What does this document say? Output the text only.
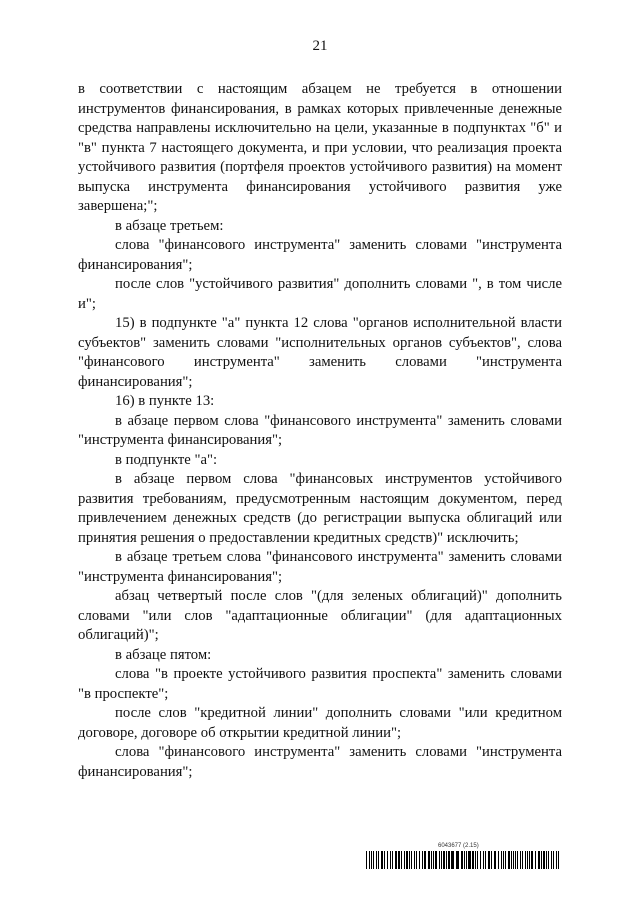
21

в соответствии с настоящим абзацем не требуется в отношении инструментов финансирования, в рамках которых привлеченные денежные средства направлены исключительно на цели, указанные в подпунктах "б" и "в" пункта 7 настоящего документа, и при условии, что реализация проекта устойчивого развития (портфеля проектов устойчивого развития) на момент выпуска инструмента финансирования устойчивого развития уже завершена;";

в абзаце третьем:

слова "финансового инструмента" заменить словами "инструмента финансирования";

после слов "устойчивого развития" дополнить словами ", в том числе и";

15) в подпункте "а" пункта 12 слова "органов исполнительной власти субъектов" заменить словами "исполнительных органов субъектов", слова "финансового инструмента" заменить словами "инструмента финансирования";

16) в пункте 13:

в абзаце первом слова "финансового инструмента" заменить словами "инструмента финансирования";

в подпункте "а":

в абзаце первом слова "финансовых инструментов устойчивого развития требованиям, предусмотренным настоящим документом, перед привлечением денежных средств (до регистрации выпуска облигаций или принятия решения о предоставлении кредитных средств)" исключить;

в абзаце третьем слова "финансового инструмента" заменить словами "инструмента финансирования";

абзац четвертый после слов "(для зеленых облигаций)" дополнить словами "или слов "адаптационные облигации" (для адаптационных облигаций)";

в абзаце пятом:

слова "в проекте устойчивого развития проспекта" заменить словами "в проспекте";

после слов "кредитной линии" дополнить словами "или кредитном договоре, договоре об открытии кредитной линии";

слова "финансового инструмента" заменить словами "инструмента финансирования";

6043677 (2.15)
